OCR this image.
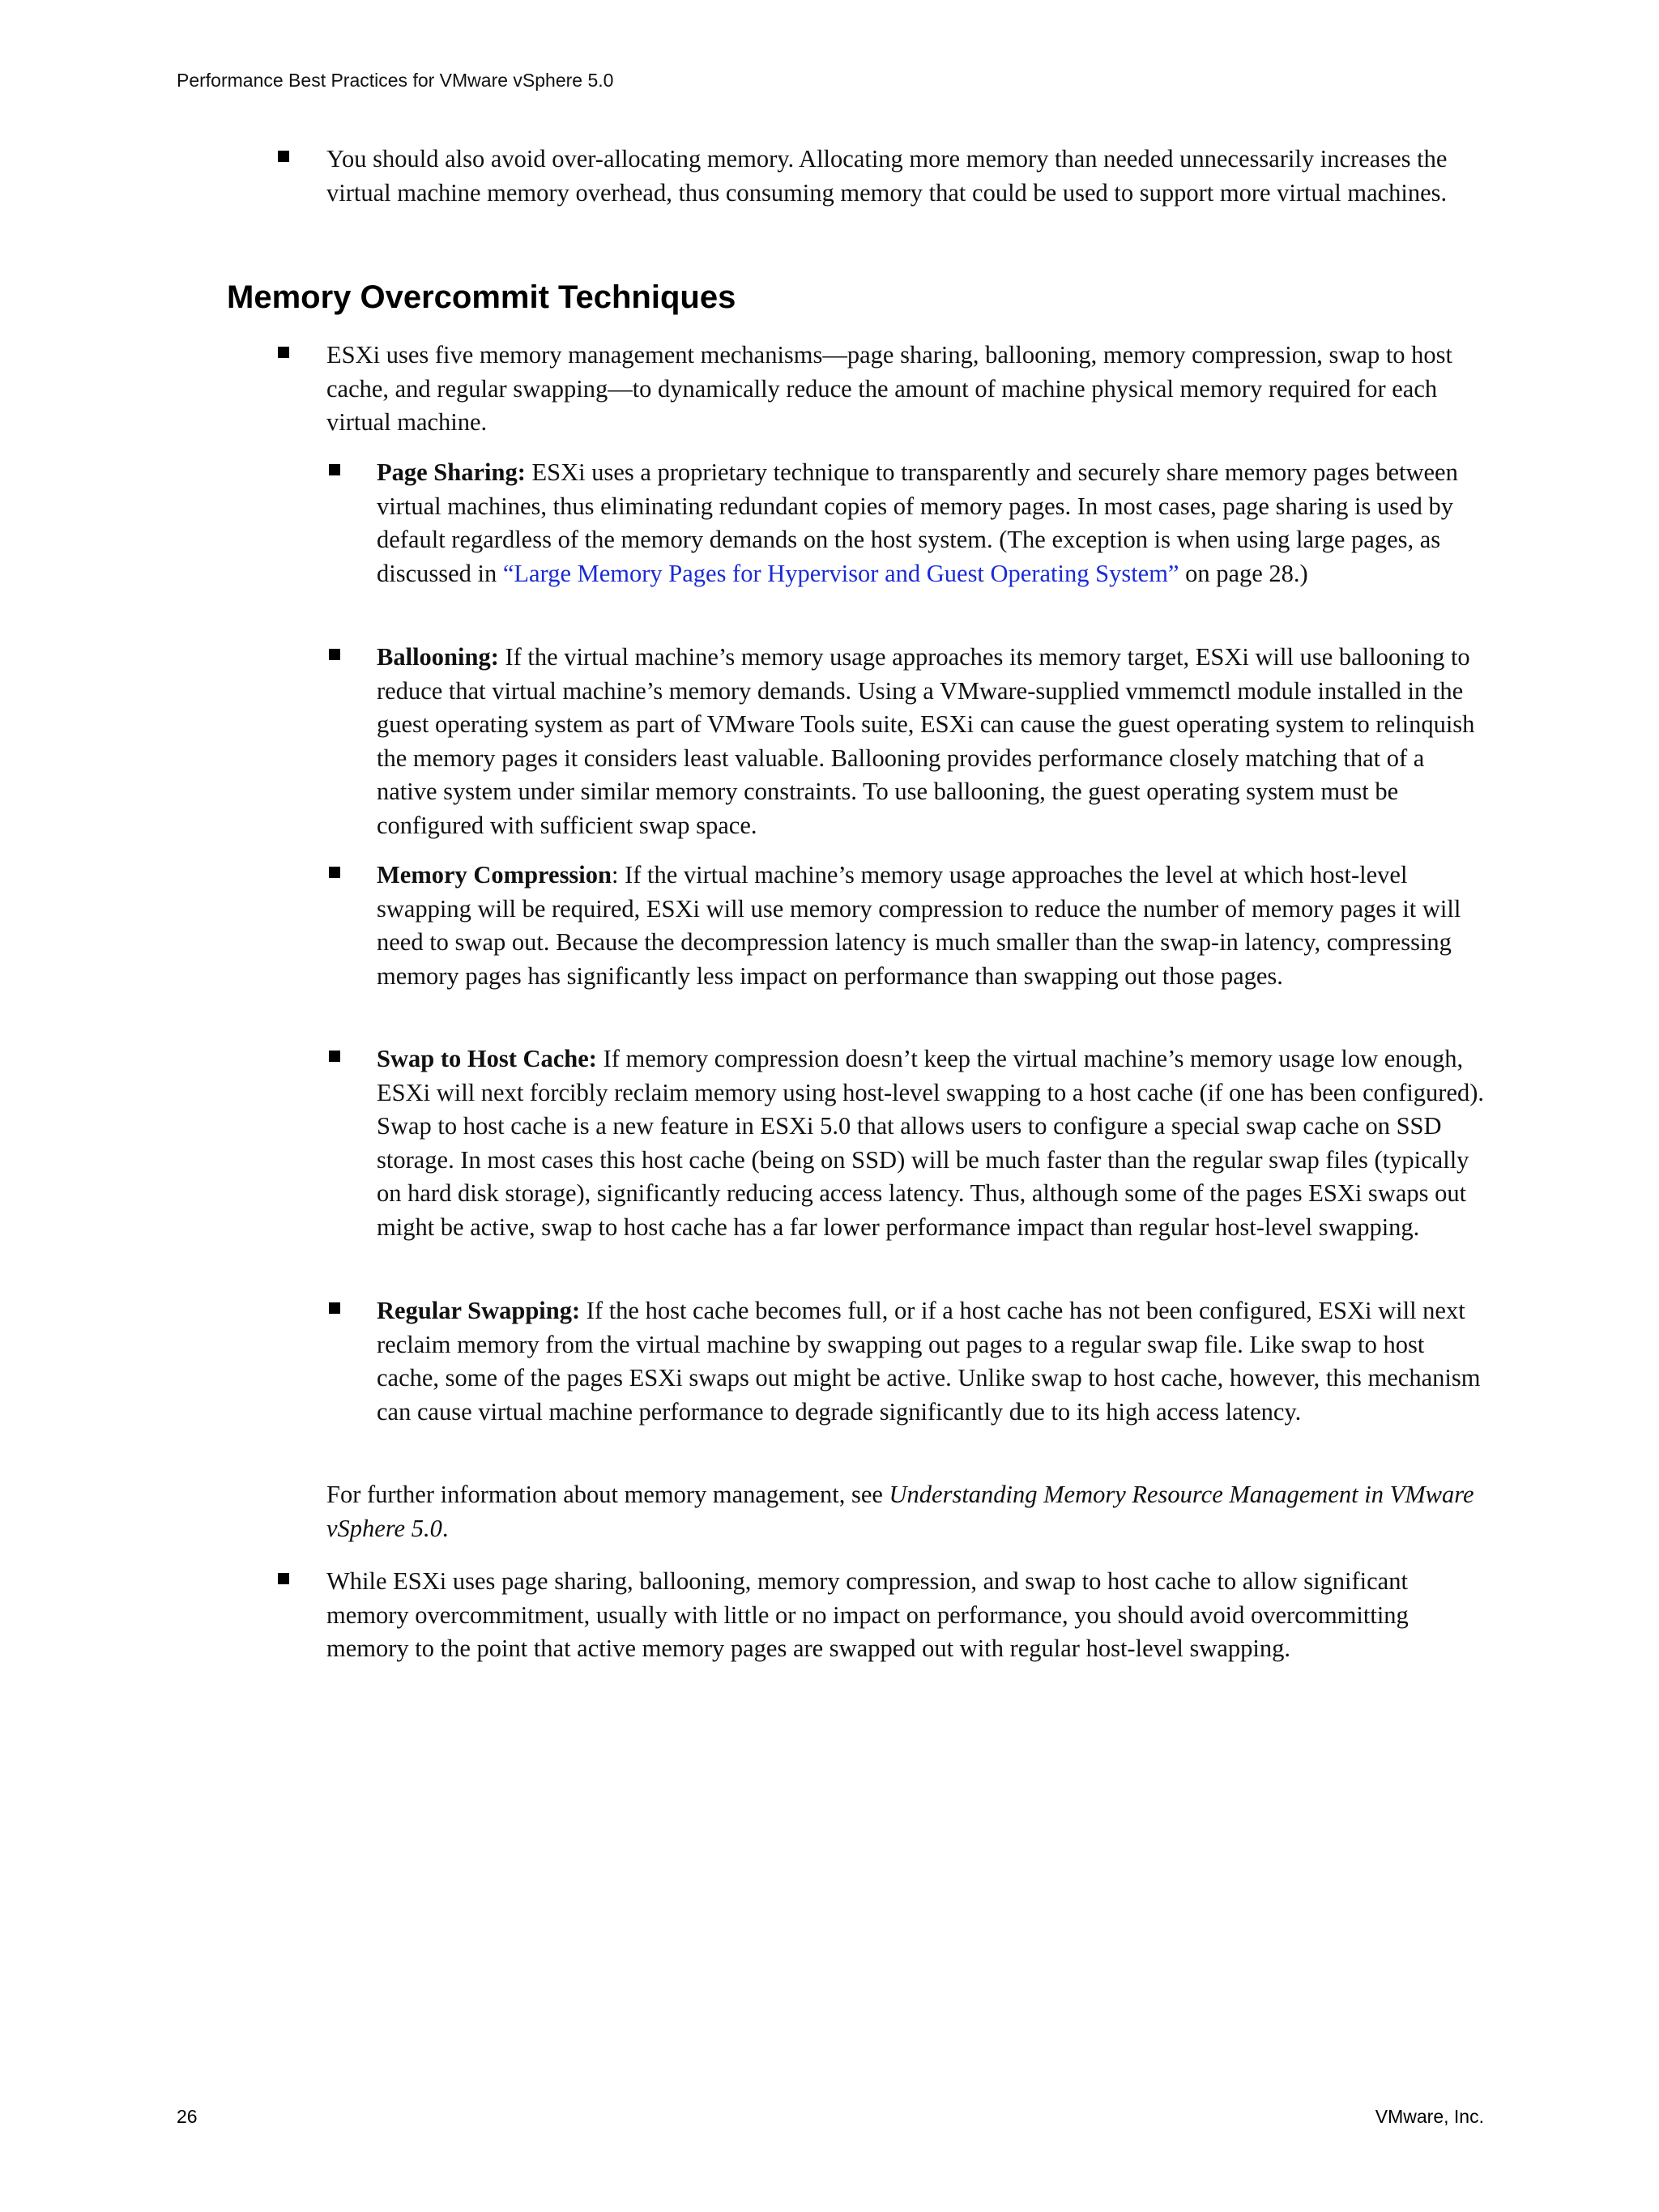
Performance Best Practices for VMware vSphere 5.0
You should also avoid over-allocating memory. Allocating more memory than needed unnecessarily increases the virtual machine memory overhead, thus consuming memory that could be used to support more virtual machines.
Memory Overcommit Techniques
ESXi uses five memory management mechanisms—page sharing, ballooning, memory compression, swap to host cache, and regular swapping—to dynamically reduce the amount of machine physical memory required for each virtual machine.
Page Sharing: ESXi uses a proprietary technique to transparently and securely share memory pages between virtual machines, thus eliminating redundant copies of memory pages. In most cases, page sharing is used by default regardless of the memory demands on the host system. (The exception is when using large pages, as discussed in “Large Memory Pages for Hypervisor and Guest Operating System” on page 28.)
Ballooning: If the virtual machine’s memory usage approaches its memory target, ESXi will use ballooning to reduce that virtual machine’s memory demands. Using a VMware-supplied vmmemctl module installed in the guest operating system as part of VMware Tools suite, ESXi can cause the guest operating system to relinquish the memory pages it considers least valuable. Ballooning provides performance closely matching that of a native system under similar memory constraints. To use ballooning, the guest operating system must be configured with sufficient swap space.
Memory Compression: If the virtual machine’s memory usage approaches the level at which host-level swapping will be required, ESXi will use memory compression to reduce the number of memory pages it will need to swap out. Because the decompression latency is much smaller than the swap-in latency, compressing memory pages has significantly less impact on performance than swapping out those pages.
Swap to Host Cache: If memory compression doesn’t keep the virtual machine’s memory usage low enough, ESXi will next forcibly reclaim memory using host-level swapping to a host cache (if one has been configured). Swap to host cache is a new feature in ESXi 5.0 that allows users to configure a special swap cache on SSD storage. In most cases this host cache (being on SSD) will be much faster than the regular swap files (typically on hard disk storage), significantly reducing access latency. Thus, although some of the pages ESXi swaps out might be active, swap to host cache has a far lower performance impact than regular host-level swapping.
Regular Swapping: If the host cache becomes full, or if a host cache has not been configured, ESXi will next reclaim memory from the virtual machine by swapping out pages to a regular swap file. Like swap to host cache, some of the pages ESXi swaps out might be active. Unlike swap to host cache, however, this mechanism can cause virtual machine performance to degrade significantly due to its high access latency.
For further information about memory management, see Understanding Memory Resource Management in VMware vSphere 5.0.
While ESXi uses page sharing, ballooning, memory compression, and swap to host cache to allow significant memory overcommitment, usually with little or no impact on performance, you should avoid overcommitting memory to the point that active memory pages are swapped out with regular host-level swapping.
26	VMware, Inc.
